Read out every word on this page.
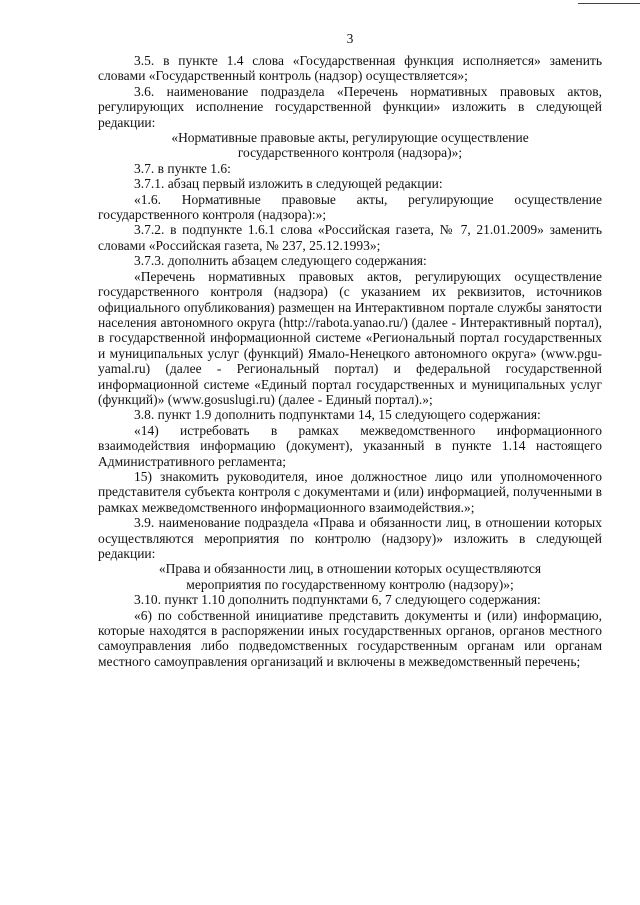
3

3.5. в пункте 1.4 слова «Государственная функция исполняется» заменить словами «Государственный контроль (надзор) осуществляется»;

3.6. наименование подраздела «Перечень нормативных правовых актов, регулирующих исполнение государственной функции» изложить в следующей редакции:

«Нормативные правовые акты, регулирующие осуществление государственного контроля (надзора)»;

3.7. в пункте 1.6:

3.7.1. абзац первый изложить в следующей редакции:

«1.6. Нормативные правовые акты, регулирующие осуществление государственного контроля (надзора):»;

3.7.2. в подпункте 1.6.1 слова «Российская газета, № 7, 21.01.2009» заменить словами «Российская газета, № 237, 25.12.1993»;

3.7.3. дополнить абзацем следующего содержания:

«Перечень нормативных правовых актов, регулирующих осуществление государственного контроля (надзора) (с указанием их реквизитов, источников официального опубликования) размещен на Интерактивном портале службы занятости населения автономного округа (http://rabota.yanao.ru/) (далее - Интерактивный портал), в государственной информационной системе «Региональный портал государственных и муниципальных услуг (функций) Ямало-Ненецкого автономного округа» (www.pgu-yamal.ru) (далее - Региональный портал) и федеральной государственной информационной системе «Единый портал государственных и муниципальных услуг (функций)» (www.gosuslugi.ru) (далее - Единый портал).»;

3.8. пункт 1.9 дополнить подпунктами 14, 15 следующего содержания:

«14) истребовать в рамках межведомственного информационного взаимодействия информацию (документ), указанный в пункте 1.14 настоящего Административного регламента;

15) знакомить руководителя, иное должностное лицо или уполномоченного представителя субъекта контроля с документами и (или) информацией, полученными в рамках межведомственного информационного взаимодействия.»;

3.9. наименование подраздела «Права и обязанности лиц, в отношении которых осуществляются мероприятия по контролю (надзору)» изложить в следующей редакции:

«Права и обязанности лиц, в отношении которых осуществляются мероприятия по государственному контролю (надзору)»;

3.10. пункт 1.10 дополнить подпунктами 6, 7 следующего содержания:

«6) по собственной инициативе представить документы и (или) информацию, которые находятся в распоряжении иных государственных органов, органов местного самоуправления либо подведомственных государственным органам или органам местного самоуправления организаций и включены в межведомственный перечень;
